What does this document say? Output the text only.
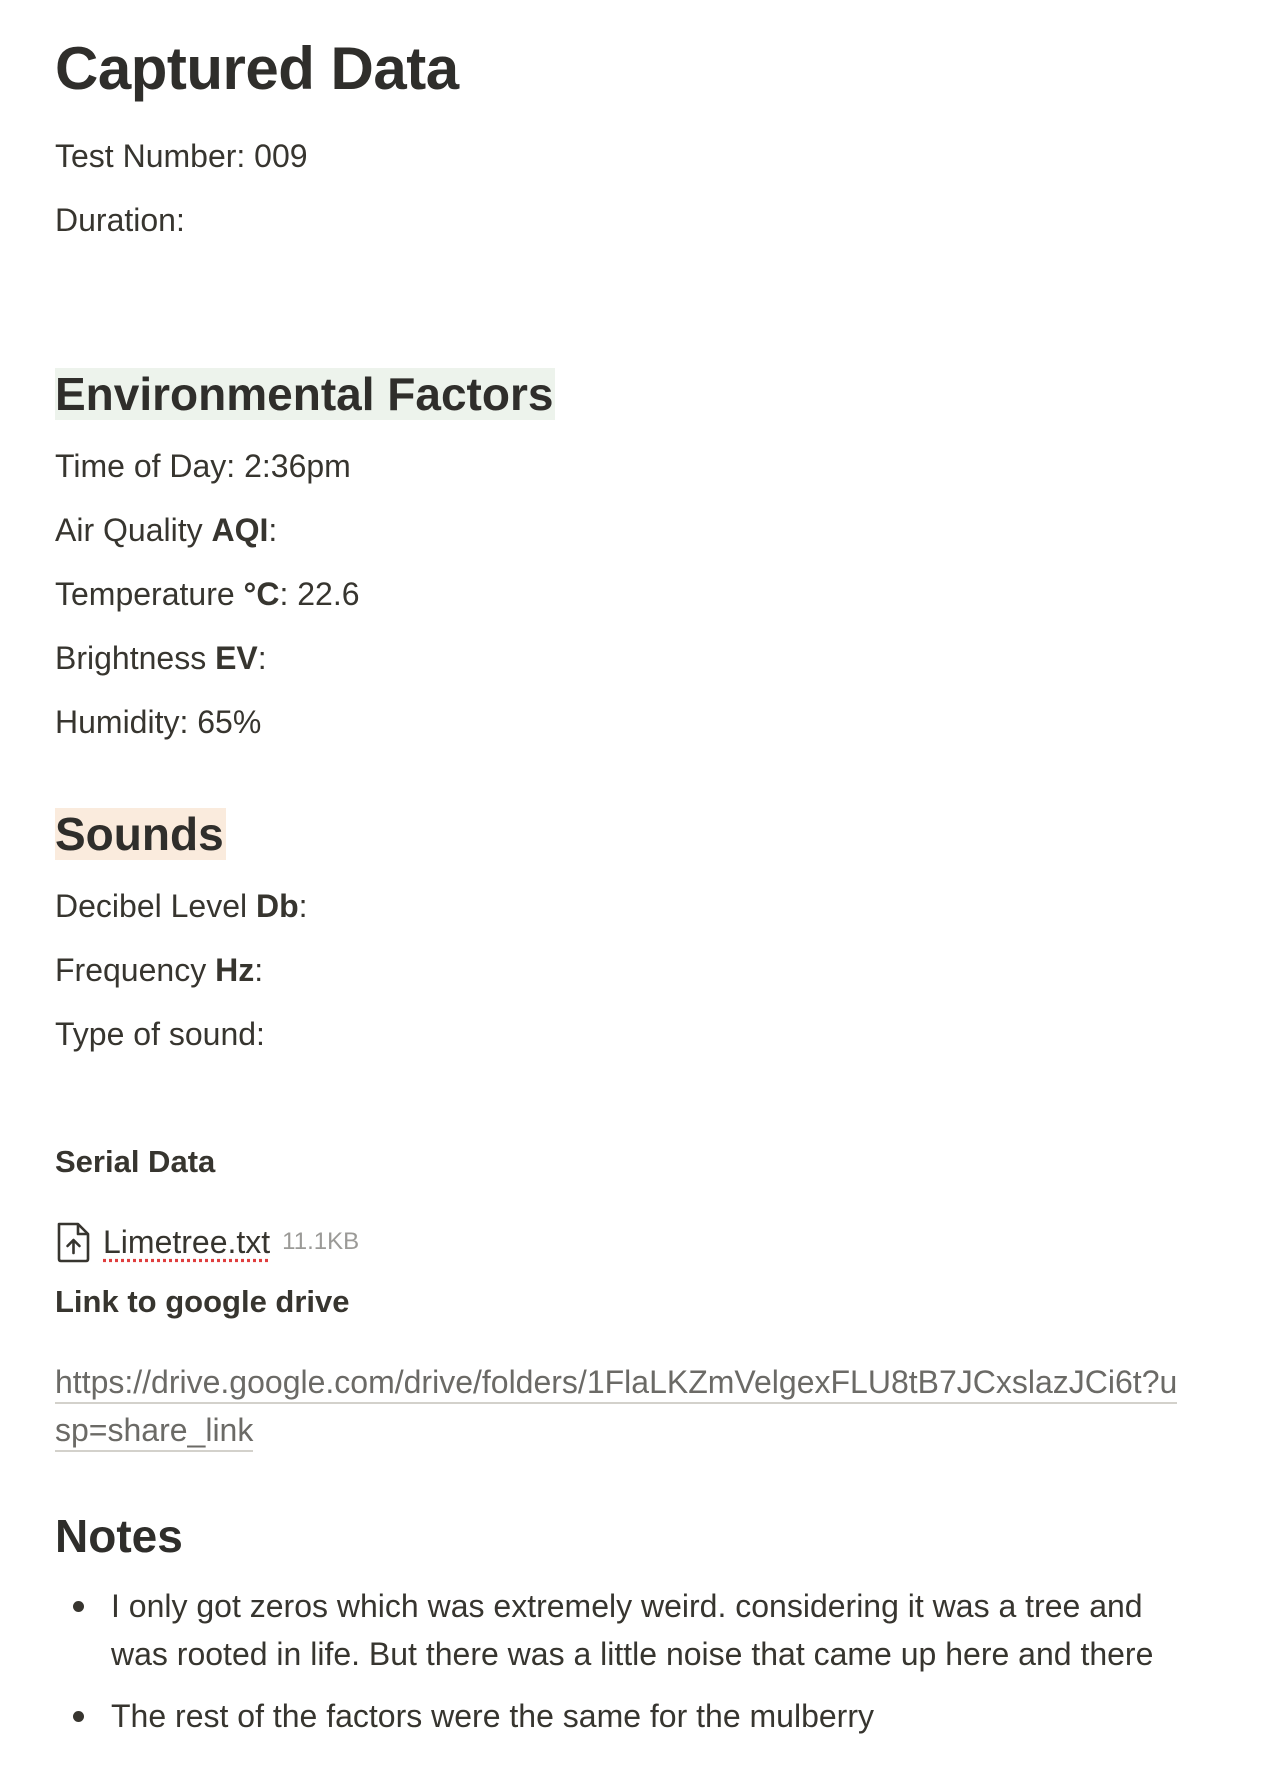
Captured Data
Test Number: 009
Duration:
Environmental Factors
Time of Day: 2:36pm
Air Quality AQI:
Temperature °C: 22.6
Brightness EV:
Humidity: 65%
Sounds
Decibel Level Db:
Frequency Hz:
Type of sound:
Serial Data
Limetree.txt 11.1KB
Link to google drive
https://drive.google.com/drive/folders/1FlaLKZmVelgexFLU8tB7JCxslazJCi6t?usp=share_link
Notes
I only got zeros which was extremely weird. considering it was a tree and was rooted in life. But there was a little noise that came up here and there
The rest of the factors were the same for the mulberry
